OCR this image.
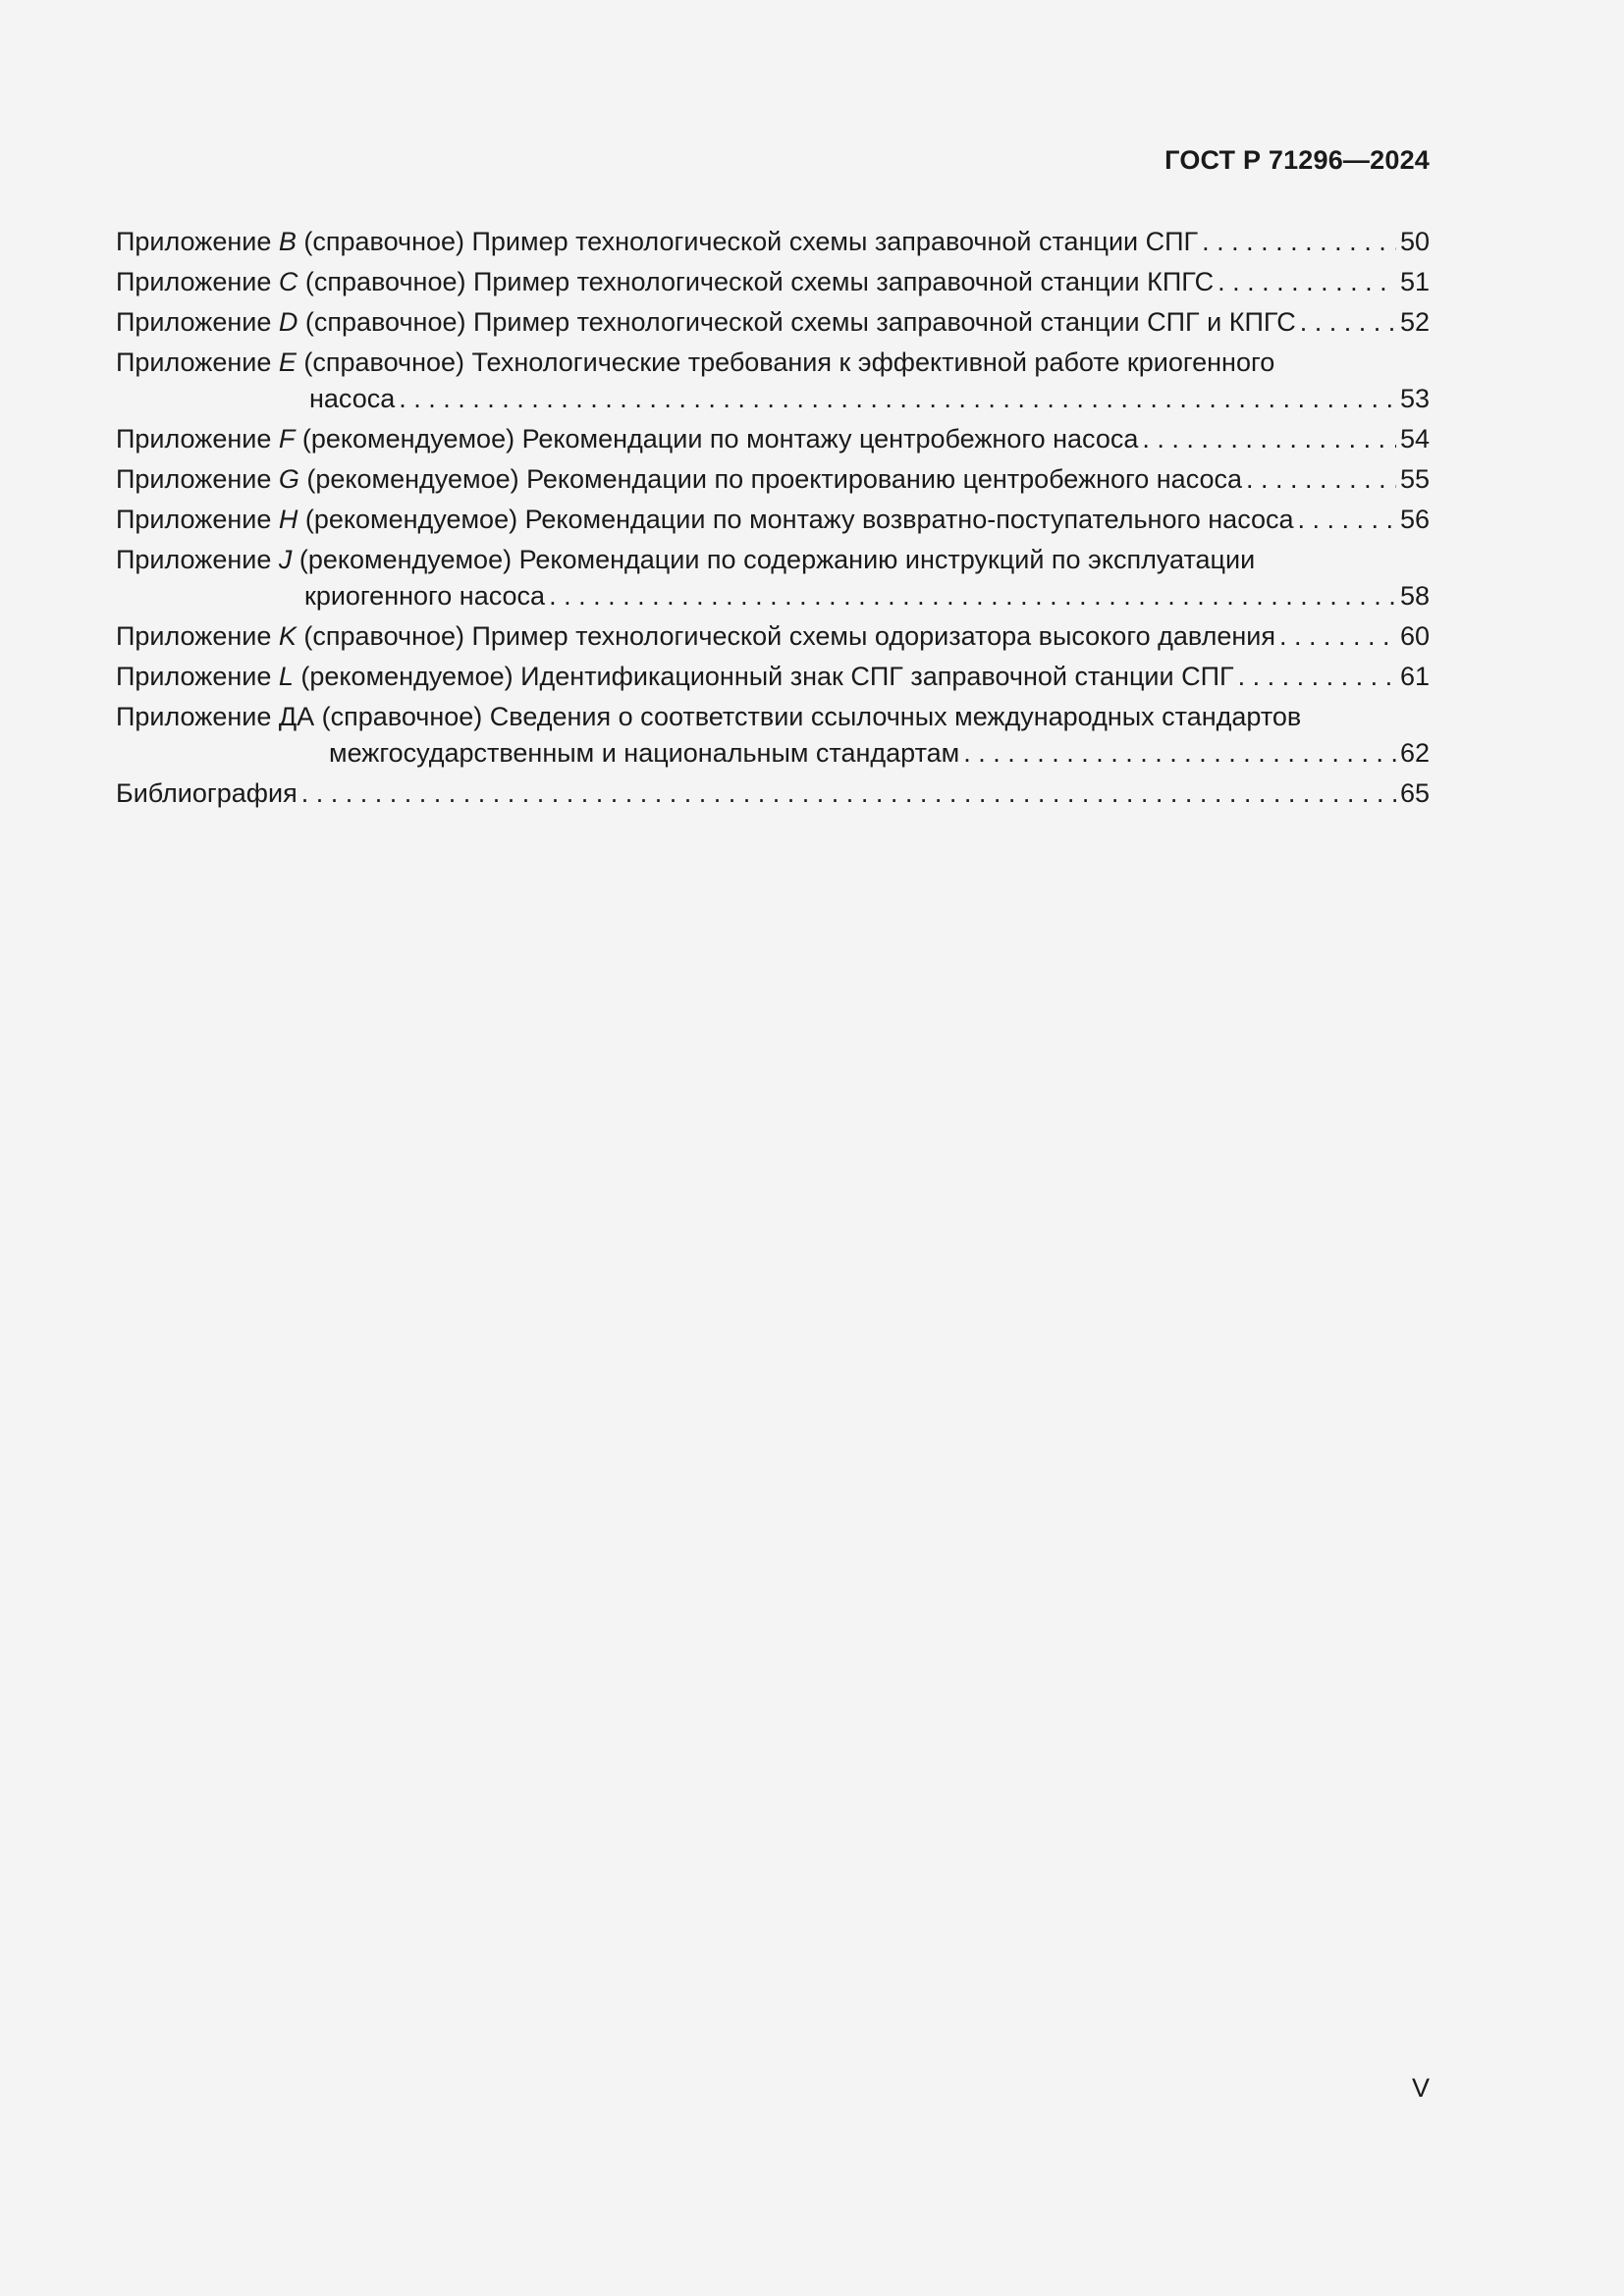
ГОСТ Р 71296—2024
Приложение B (справочное) Пример технологической схемы заправочной станции СПГ . . .	50
Приложение C (справочное) Пример технологической схемы заправочной станции КПГС . . .	51
Приложение D (справочное) Пример технологической схемы заправочной станции СПГ и КПГС . . .	52
Приложение E (справочное) Технологические требования к эффективной работе криогенного
насоса . . .	53
Приложение F (рекомендуемое) Рекомендации по монтажу центробежного насоса . . .	54
Приложение G (рекомендуемое) Рекомендации по проектированию центробежного насоса . . .	55
Приложение H (рекомендуемое) Рекомендации по монтажу возвратно-поступательного насоса . . .	56
Приложение J (рекомендуемое) Рекомендации по содержанию инструкций по эксплуатации
криогенного насоса . . .	58
Приложение K (справочное) Пример технологической схемы одоризатора высокого давления . . .	60
Приложение L (рекомендуемое) Идентификационный знак СПГ заправочной станции СПГ . . .	61
Приложение ДА (справочное) Сведения о соответствии ссылочных международных стандартов
межгосударственным и национальным стандартам . . .	62
Библиография . . .	65
V
